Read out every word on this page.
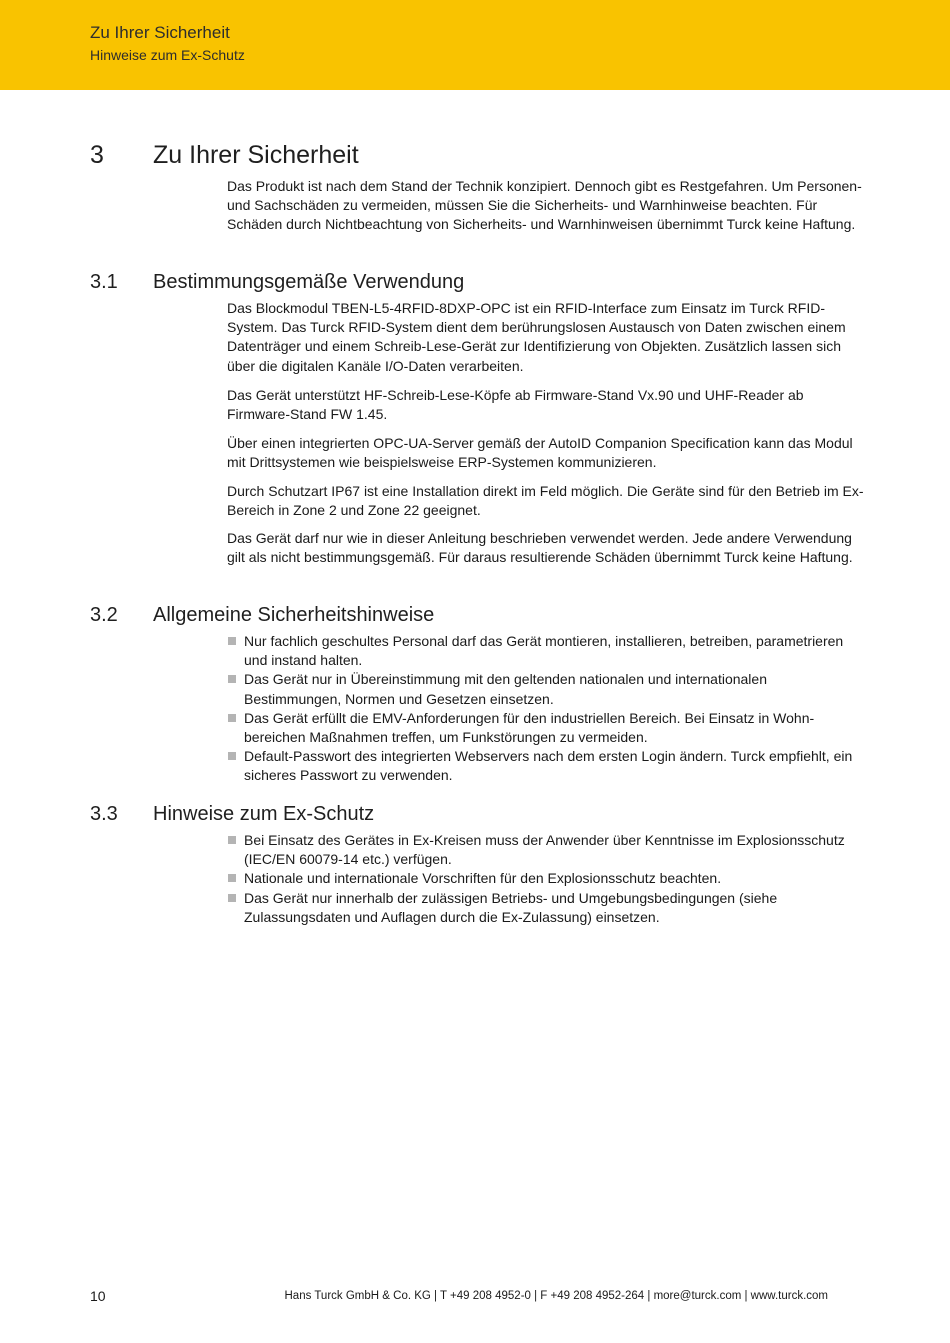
Zu Ihrer Sicherheit
Hinweise zum Ex-Schutz
3 Zu Ihrer Sicherheit

Das Produkt ist nach dem Stand der Technik konzipiert. Dennoch gibt es Restgefahren. Um Personen- und Sachschäden zu vermeiden, müssen Sie die Sicherheits- und Warnhinweise beachten. Für Schäden durch Nichtbeachtung von Sicherheits- und Warnhinweisen übernimmt Turck keine Haftung.

3.1 Bestimmungsgemäße Verwendung

Das Blockmodul TBEN-L5-4RFID-8DXP-OPC ist ein RFID-Interface zum Einsatz im Turck RFID-System. Das Turck RFID-System dient dem berührungslosen Austausch von Daten zwischen einem Datenträger und einem Schreib-Lese-Gerät zur Identifizierung von Objekten. Zusätzlich lassen sich über die digitalen Kanäle I/O-Daten verarbeiten.

Das Gerät unterstützt HF-Schreib-Lese-Köpfe ab Firmware-Stand Vx.90 und UHF-Reader ab Firmware-Stand FW 1.45.

Über einen integrierten OPC-UA-Server gemäß der AutoID Companion Specification kann das Modul mit Drittsystemen wie beispielsweise ERP-Systemen kommunizieren.

Durch Schutzart IP67 ist eine Installation direkt im Feld möglich. Die Geräte sind für den Betrieb im Ex-Bereich in Zone 2 und Zone 22 geeignet.

Das Gerät darf nur wie in dieser Anleitung beschrieben verwendet werden. Jede andere Verwendung gilt als nicht bestimmungsgemäß. Für daraus resultierende Schäden übernimmt Turck keine Haftung.

3.2 Allgemeine Sicherheitshinweise
Nur fachlich geschultes Personal darf das Gerät montieren, installieren, betreiben, parametrieren und instand halten.
Das Gerät nur in Übereinstimmung mit den geltenden nationalen und internationalen Bestimmungen, Normen und Gesetzen einsetzen.
Das Gerät erfüllt die EMV-Anforderungen für den industriellen Bereich. Bei Einsatz in Wohnbereichen Maßnahmen treffen, um Funkstörungen zu vermeiden.
Default-Passwort des integrierten Webservers nach dem ersten Login ändern. Turck empfiehlt, ein sicheres Passwort zu verwenden.
3.3 Hinweise zum Ex-Schutz
Bei Einsatz des Gerätes in Ex-Kreisen muss der Anwender über Kenntnisse im Explosionsschutz (IEC/EN 60079-14 etc.) verfügen.
Nationale und internationale Vorschriften für den Explosionsschutz beachten.
Das Gerät nur innerhalb der zulässigen Betriebs- und Umgebungsbedingungen (siehe Zulassungsdaten und Auflagen durch die Ex-Zulassung) einsetzen.
10	Hans Turck GmbH & Co. KG | T +49 208 4952-0 | F +49 208 4952-264 | more@turck.com | www.turck.com
